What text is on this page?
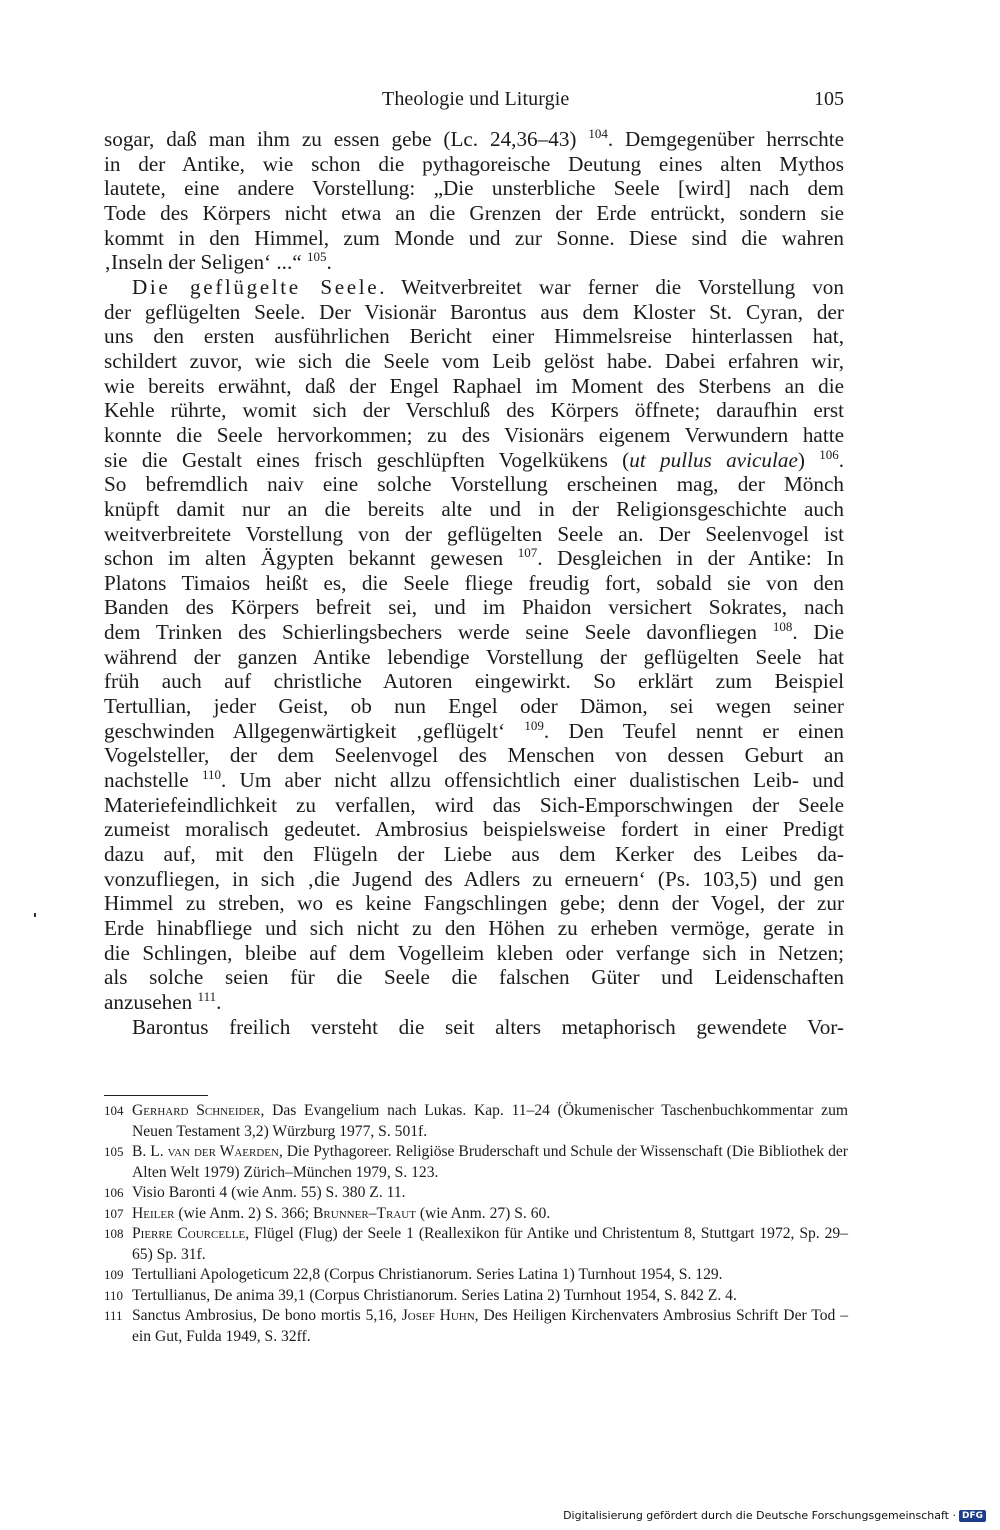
Theologie und Liturgie	105
sogar, daß man ihm zu essen gebe (Lc. 24,36–43) $^{104}$. Demgegenüber herrschte
in der Antike, wie schon die pythagoreische Deutung eines alten Mythos
lautete, eine andere Vorstellung: „Die unsterbliche Seele [wird] nach dem
Tode des Körpers nicht etwa an die Grenzen der Erde entrückt, sondern sie
kommt in den Himmel, zum Monde und zur Sonne. Diese sind die wahren
‚Inseln der Seligen‘ ...“ $^{105}$.
Die geflügelte Seele. Weitverbreitet war ferner die Vorstellung von
der geflügelten Seele. Der Visionär Barontus aus dem Kloster St. Cyran, der
uns den ersten ausführlichen Bericht einer Himmelsreise hinterlassen hat,
schildert zuvor, wie sich die Seele vom Leib gelöst habe. Dabei erfahren wir,
wie bereits erwähnt, daß der Engel Raphael im Moment des Sterbens an die
Kehle rührte, womit sich der Verschluß des Körpers öffnete; daraufhin erst
konnte die Seele hervorkommen; zu des Visionärs eigenem Verwundern hatte
sie die Gestalt eines frisch geschlüpften Vogelkükens (ut pullus aviculae) $^{106}$.
So befremdlich naiv eine solche Vorstellung erscheinen mag, der Mönch
knüpft damit nur an die bereits alte und in der Religionsgeschichte auch
weitverbreitete Vorstellung von der geflügelten Seele an. Der Seelenvogel ist
schon im alten Ägypten bekannt gewesen $^{107}$. Desgleichen in der Antike: In
Platons Timaios heißt es, die Seele fliege freudig fort, sobald sie von den
Banden des Körpers befreit sei, und im Phaidon versichert Sokrates, nach
dem Trinken des Schierlingsbechers werde seine Seele davonfliegen $^{108}$. Die
während der ganzen Antike lebendige Vorstellung der geflügelten Seele hat
früh auch auf christliche Autoren eingewirkt. So erklärt zum Beispiel
Tertullian, jeder Geist, ob nun Engel oder Dämon, sei wegen seiner
geschwinden Allgegenwärtigkeit ‚geflügelt‘ $^{109}$. Den Teufel nennt er einen
Vogelsteller, der dem Seelenvogel des Menschen von dessen Geburt an
nachstelle $^{110}$. Um aber nicht allzu offensichtlich einer dualistischen Leib- und
Materiefeindlichkeit zu verfallen, wird das Sich-Emporschwingen der Seele
zumeist moralisch gedeutet. Ambrosius beispielsweise fordert in einer Predigt
dazu auf, mit den Flügeln der Liebe aus dem Kerker des Leibes da-
vonzufliegen, in sich ‚die Jugend des Adlers zu erneuern‘ (Ps. 103,5) und gen
Himmel zu streben, wo es keine Fangschlingen gebe; denn der Vogel, der zur
Erde hinabfliege und sich nicht zu den Höhen zu erheben vermöge, gerate in
die Schlingen, bleibe auf dem Vogelleim kleben oder verfange sich in Netzen;
als solche seien für die Seele die falschen Güter und Leidenschaften
anzusehen $^{111}$.
Barontus freilich versteht die seit alters metaphorisch gewendete Vor-
104 Gerhard Schneider, Das Evangelium nach Lukas. Kap. 11–24 (Ökumenischer Taschenbuchkommentar zum Neuen Testament 3,2) Würzburg 1977, S. 501f.
105 B. L. van der Waerden, Die Pythagoreer. Religiöse Bruderschaft und Schule der Wissenschaft (Die Bibliothek der Alten Welt 1979) Zürich–München 1979, S. 123.
106 Visio Baronti 4 (wie Anm. 55) S. 380 Z. 11.
107 Heiler (wie Anm. 2) S. 366; Brunner–Traut (wie Anm. 27) S. 60.
108 Pierre Courcelle, Flügel (Flug) der Seele 1 (Reallexikon für Antike und Christentum 8, Stuttgart 1972, Sp. 29–65) Sp. 31f.
109 Tertulliani Apologeticum 22,8 (Corpus Christianorum. Series Latina 1) Turnhout 1954, S. 129.
110 Tertullianus, De anima 39,1 (Corpus Christianorum. Series Latina 2) Turnhout 1954, S. 842 Z. 4.
111 Sanctus Ambrosius, De bono mortis 5,16, Josef Huhn, Des Heiligen Kirchenvaters Ambrosius Schrift Der Tod – ein Gut, Fulda 1949, S. 32ff.
Digitalisierung gefördert durch die Deutsche Forschungsgemeinschaft · DFG
